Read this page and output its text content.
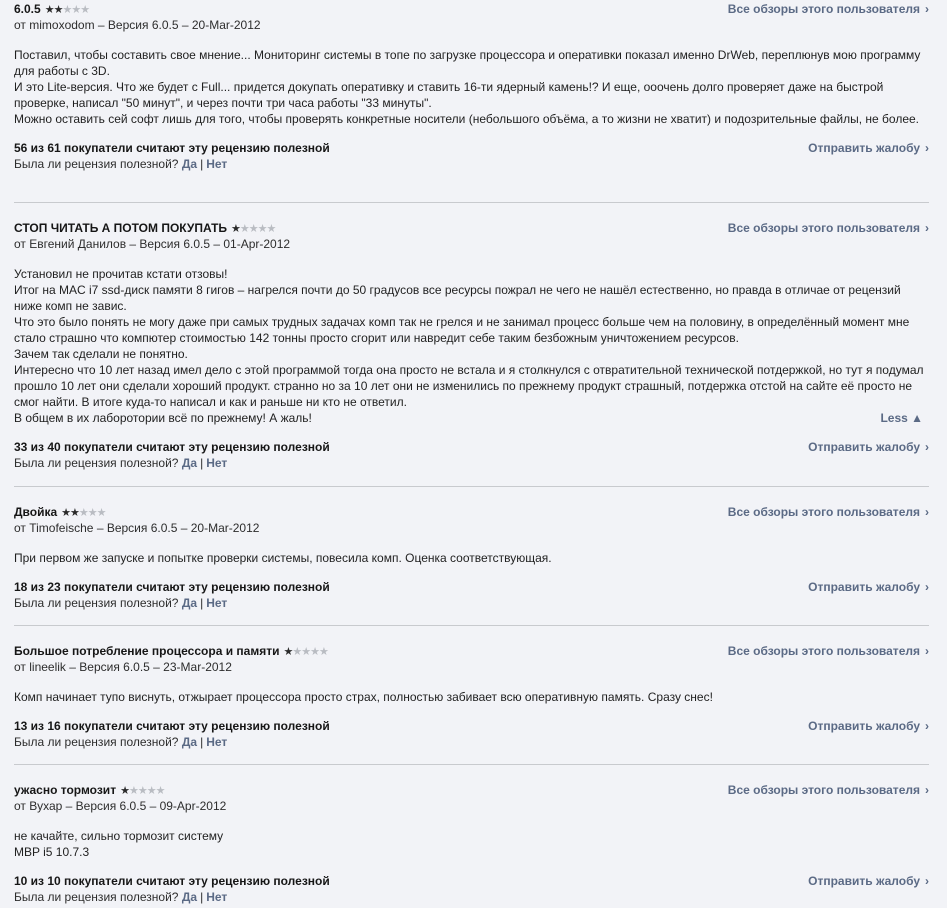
6.0.5 ★★★★★	Все обзоры этого пользователя ›
от mimoxodom – Версия 6.0.5 – 20-Mar-2012
Поставил, чтобы составить свое мнение... Мониторинг системы в топе по загрузке процессора и оперативки показал именно DrWeb, переплюнув мою программу для работы с 3D.
И это Lite-версия. Что же будет с Full... придется докупать оперативку и ставить 16-ти ядерный камень!? И еще, ооочень долго проверяет даже на быстрой проверке, написал "50 минут", и через почти три часа работы "33 минуты".
Можно оставить сей софт лишь для того, чтобы проверять конкретные носители (небольшого объёма, а то жизни не хватит) и подозрительные файлы, не более.
56 из 61 покупатели считают эту рецензию полезной	Отправить жалобу ›
Была ли рецензия полезной? Да | Нет
СТОП ЧИТАТЬ А ПОТОМ ПОКУПАТЬ ★★★★★	Все обзоры этого пользователя ›
от Евгений Данилов – Версия 6.0.5 – 01-Apr-2012
Установил не прочитав кстати отзовы!
Итог на MAC i7 ssd-диск памяти 8 гигов – нагрелся почти до 50 градусов все ресурсы пожрал не чего не нашёл естественно, но правда в отличае от рецензий ниже комп не завис.
Что это было понять не могу даже при самых трудных задачах комп так не грелся и не занимал процесс больше чем на половину, в определённый момент мне стало страшно что компютер стоимостью 142 тонны просто сгорит или навредит себе таким безбожным уничтожением ресурсов.
Зачем так сделали не понятно.
Интересно что 10 лет назад имел дело с этой программой тогда она просто не встала и я столкнулся с отвратительной технической потдержкой, но тут я подумал прошло 10 лет они сделали хороший продукт. странно но за 10 лет они не изменились по прежнему продукт страшный, потдержка отстой на сайте её просто не смог найти. В итоге куда-то написал и как и раньше ни кто не ответил.
В общем в их лаборотории всё по прежнему! А жаль!	Less ▲
33 из 40 покупатели считают эту рецензию полезной	Отправить жалобу ›
Была ли рецензия полезной? Да | Нет
Двойка ★★★★★	Все обзоры этого пользователя ›
от Timofeische – Версия 6.0.5 – 20-Mar-2012
При первом же запуске и попытке проверки системы, повесила комп. Оценка соответствующая.
18 из 23 покупатели считают эту рецензию полезной	Отправить жалобу ›
Была ли рецензия полезной? Да | Нет
Большое потребление процессора и памяти ★★★★★	Все обзоры этого пользователя ›
от lineelik – Версия 6.0.5 – 23-Mar-2012
Комп начинает тупо виснуть, отжырает процессора просто страх, полностью забивает всю оперативную память. Сразу снес!
13 из 16 покупатели считают эту рецензию полезной	Отправить жалобу ›
Была ли рецензия полезной? Да | Нет
ужасно тормозит ★★★★★	Все обзоры этого пользователя ›
от Вухар – Версия 6.0.5 – 09-Apr-2012
не качайте, сильно тормозит систему
MBP i5 10.7.3
10 из 10 покупатели считают эту рецензию полезной	Отправить жалобу ›
Была ли рецензия полезной? Да | Нет
